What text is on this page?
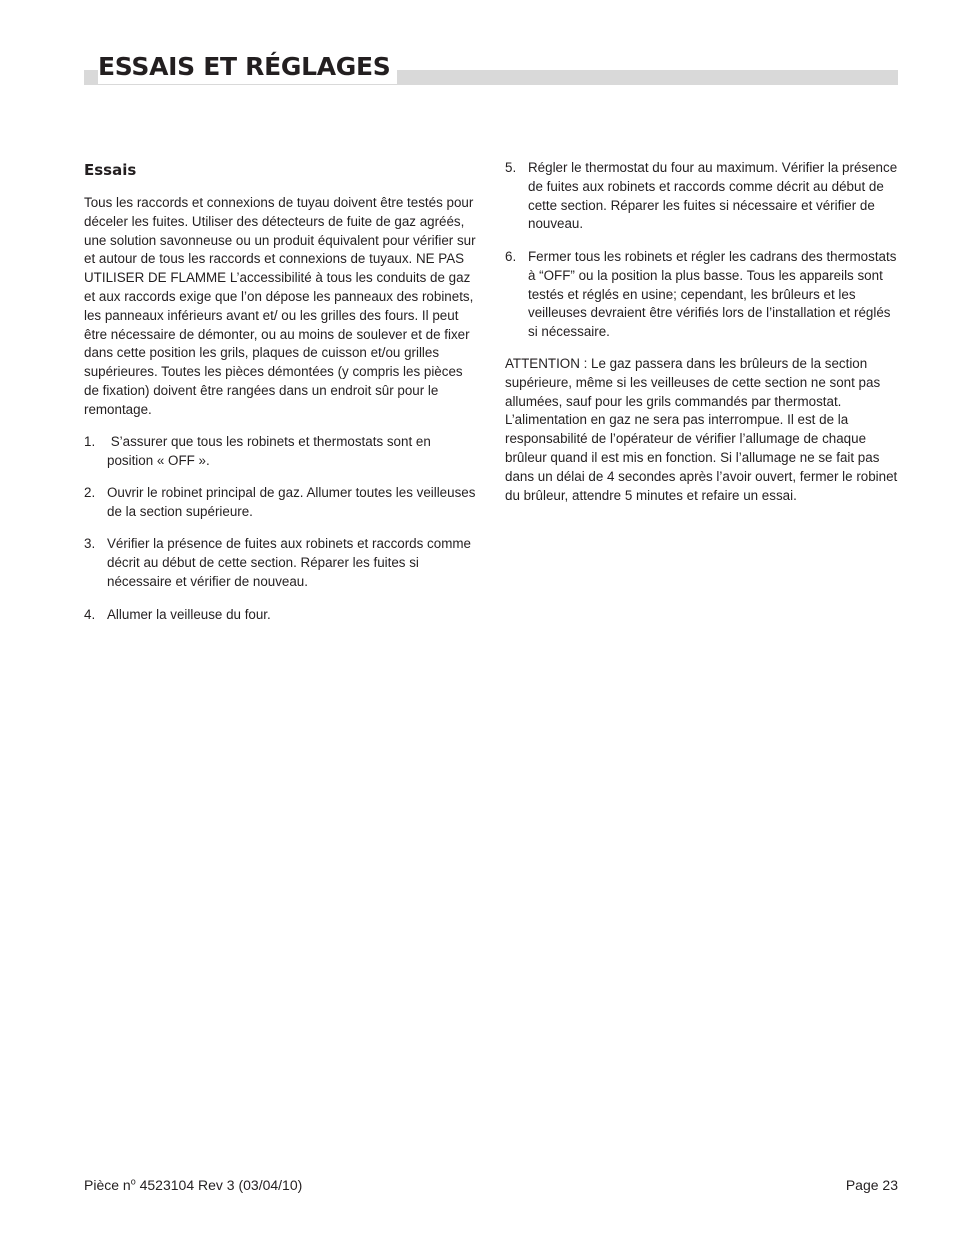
ESSAIS ET RÉGLAGES
Essais

Tous les raccords et connexions de tuyau doivent être testés pour déceler les fuites. Utiliser des détecteurs de fuite de gaz agréés, une solution savonneuse ou un produit équivalent pour vérifier sur et autour de tous les raccords et connexions de tuyaux. NE PAS UTILISER DE FLAMME L’accessibilité à tous les conduits de gaz et aux raccords exige que l’on dépose les panneaux des robinets, les panneaux inférieurs avant et/ ou les grilles des fours. Il peut être nécessaire de démonter, ou au moins de soulever et de fixer dans cette position les grils, plaques de cuisson et/ou grilles supérieures. Toutes les pièces démontées (y compris les pièces de fixation) doivent être rangées dans un endroit sûr pour le remontage.

1. S’assurer que tous les robinets et thermostats sont en position « OFF ».
2. Ouvrir le robinet principal de gaz. Allumer toutes les veilleuses de la section supérieure.
3. Vérifier la présence de fuites aux robinets et raccords comme décrit au début de cette section. Réparer les fuites si nécessaire et vérifier de nouveau.
4. Allumer la veilleuse du four.
5. Régler le thermostat du four au maximum. Vérifier la présence de fuites aux robinets et raccords comme décrit au début de cette section. Réparer les fuites si nécessaire et vérifier de nouveau.
6. Fermer tous les robinets et régler les cadrans des thermostats à “OFF” ou la position la plus basse. Tous les appareils sont testés et réglés en usine; cependant, les brûleurs et les veilleuses devraient être vérifiés lors de l’installation et réglés si nécessaire.

ATTENTION : Le gaz passera dans les brûleurs de la section supérieure, même si les veilleuses de cette section ne sont pas allumées, sauf pour les grils commandés par thermostat. L’alimentation en gaz ne sera pas interrompue. Il est de la responsabilité de l’opérateur de vérifier l’allumage de chaque brûleur quand il est mis en fonction. Si l’allumage ne se fait pas dans un délai de 4 secondes après l’avoir ouvert, fermer le robinet du brûleur, attendre 5 minutes et refaire un essai.

Pièce $n^o$ 4523104 Rev 3 (03/04/10)	Page 23
